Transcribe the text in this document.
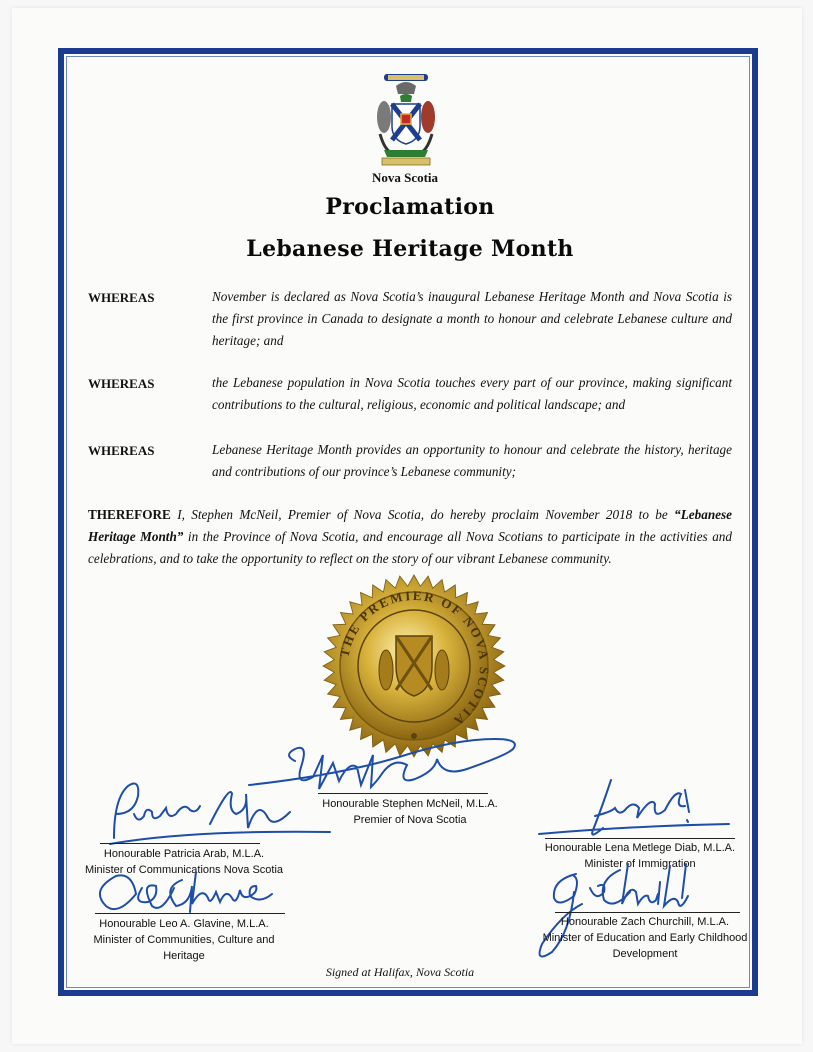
Nova Scotia
Proclamation
Lebanese Heritage Month
WHEREAS	November is declared as Nova Scotia’s inaugural Lebanese Heritage Month and Nova Scotia is the first province in Canada to designate a month to honour and celebrate Lebanese culture and heritage; and
WHEREAS	the Lebanese population in Nova Scotia touches every part of our province, making significant contributions to the cultural, religious, economic and political landscape; and
WHEREAS	Lebanese Heritage Month provides an opportunity to honour and celebrate the history, heritage and contributions of our province’s Lebanese community;
THEREFORE I, Stephen McNeil, Premier of Nova Scotia, do hereby proclaim November 2018 to be “Lebanese Heritage Month” in the Province of Nova Scotia, and encourage all Nova Scotians to participate in the activities and celebrations, and to take the opportunity to reflect on the story of our vibrant Lebanese community.
THE PREMIER OF NOVA SCOTIA
Honourable Stephen McNeil, M.L.A.
Premier of Nova Scotia
Honourable Patricia Arab, M.L.A.
Minister of Communications Nova Scotia
Honourable Lena Metlege Diab, M.L.A.
Minister of Immigration
Honourable Leo A. Glavine, M.L.A.
Minister of Communities, Culture and Heritage
Honourable Zach Churchill, M.L.A.
Minister of Education and Early Childhood Development
Signed at Halifax, Nova Scotia
